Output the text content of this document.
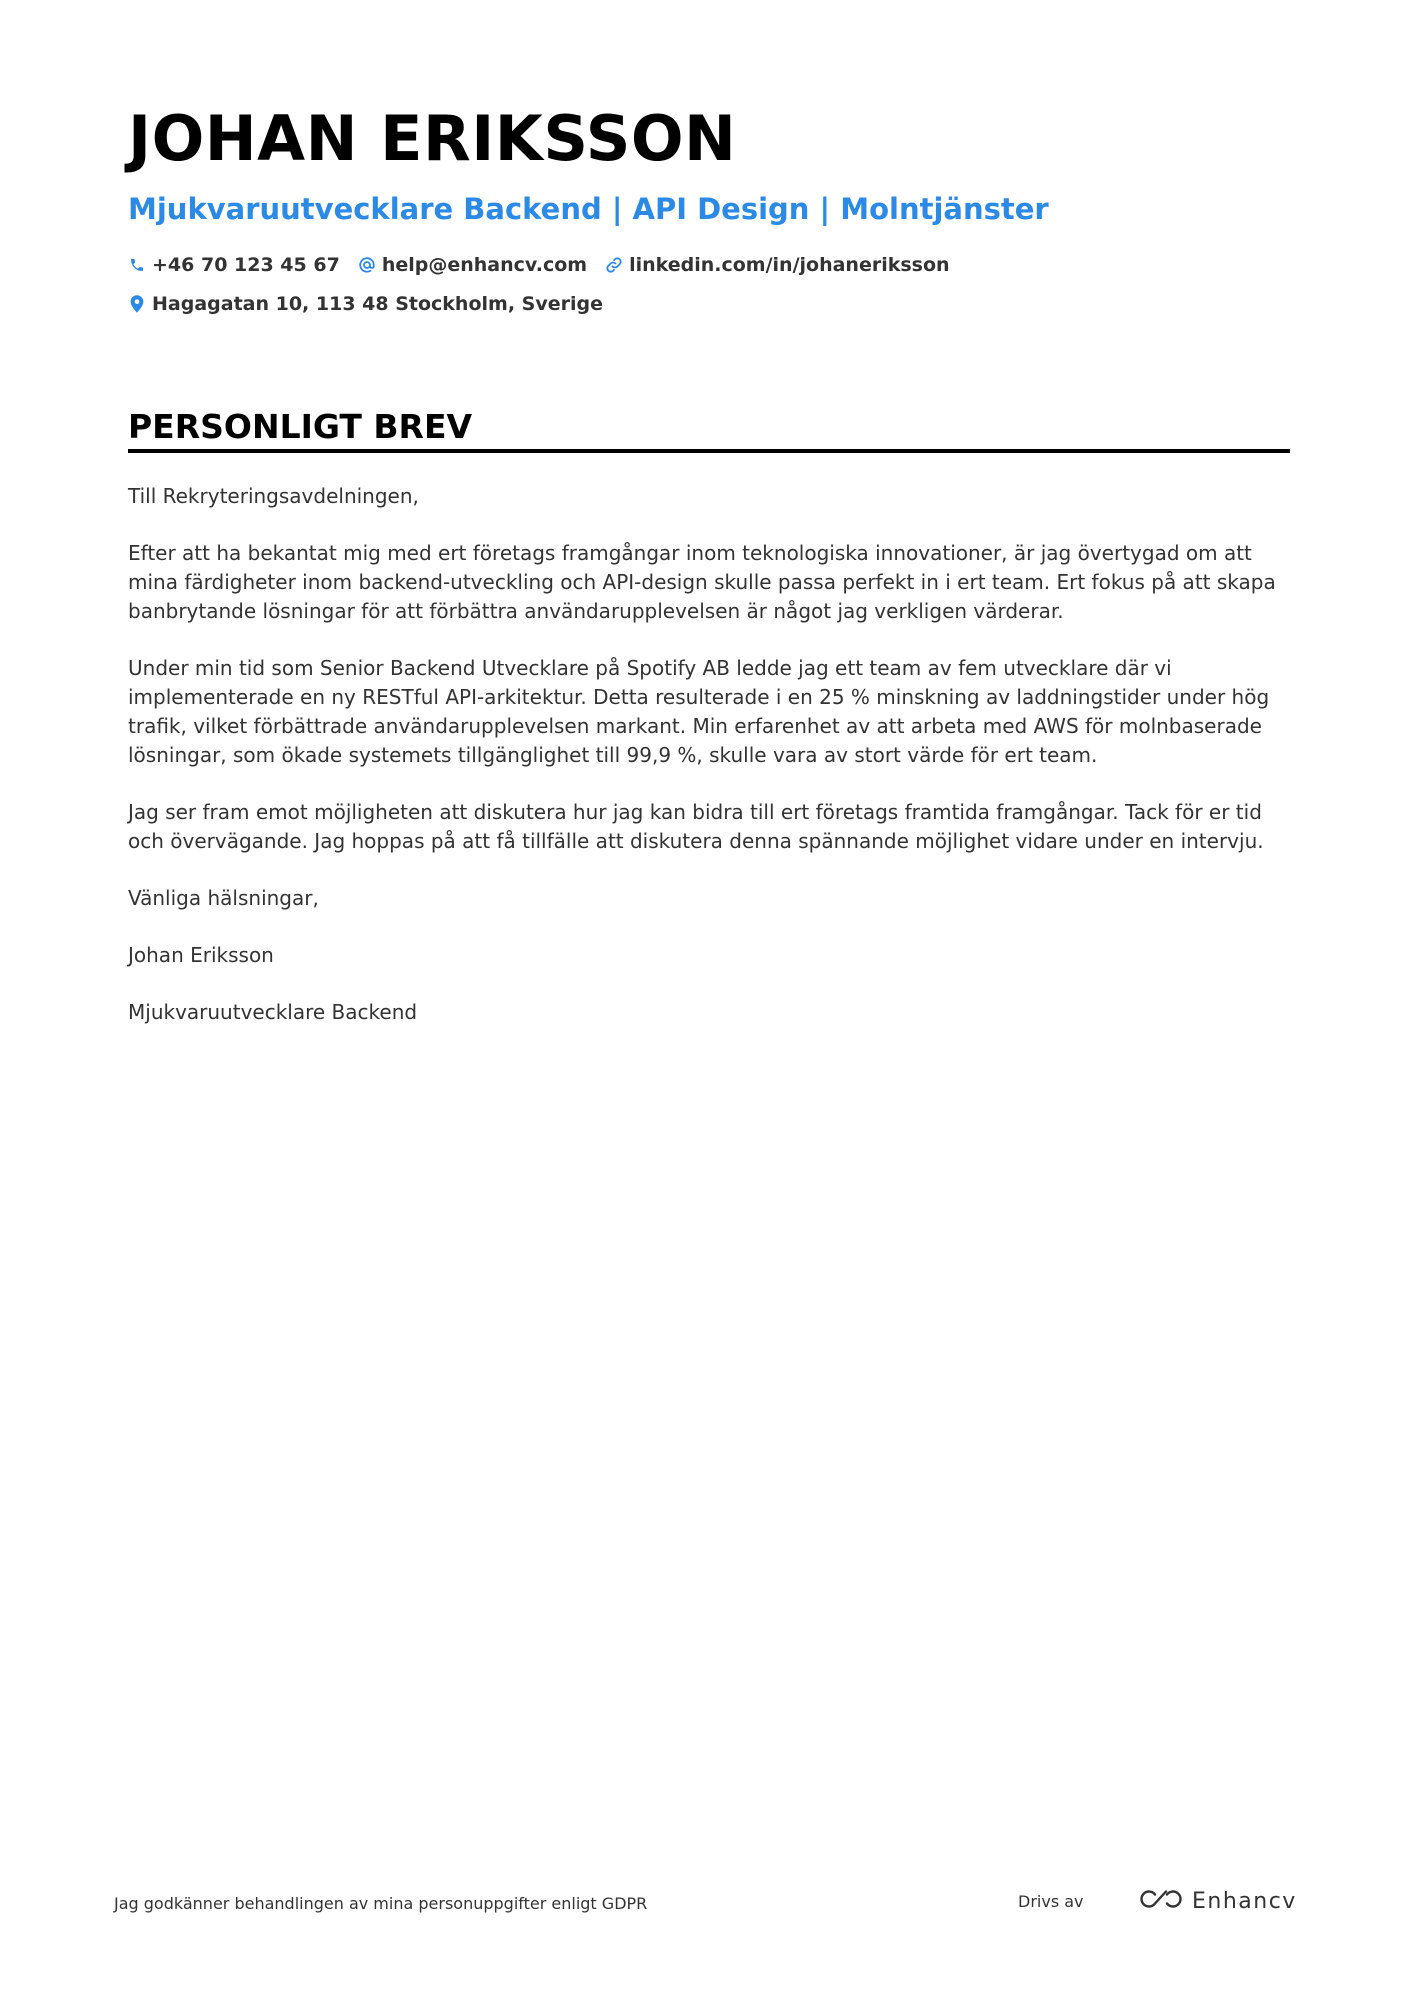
JOHAN ERIKSSON
Mjukvaruutvecklare Backend | API Design | Molntjänster
+46 70 123 45 67 help@enhancv.com linkedin.com/in/johaneriksson
Hagagatan 10, 113 48 Stockholm, Sverige
PERSONLIGT BREV

Till Rekryteringsavdelningen,

Efter att ha bekantat mig med ert företags framgångar inom teknologiska innovationer, är jag övertygad om att mina färdigheter inom backend-utveckling och API-design skulle passa perfekt in i ert team. Ert fokus på att skapa banbrytande lösningar för att förbättra användarupplevelsen är något jag verkligen värderar.

Under min tid som Senior Backend Utvecklare på Spotify AB ledde jag ett team av fem utvecklare där vi implementerade en ny RESTful API-arkitektur. Detta resulterade i en 25 % minskning av laddningstider under hög trafik, vilket förbättrade användarupplevelsen markant. Min erfarenhet av att arbeta med AWS för molnbaserade lösningar, som ökade systemets tillgänglighet till 99,9 %, skulle vara av stort värde för ert team.

Jag ser fram emot möjligheten att diskutera hur jag kan bidra till ert företags framtida framgångar. Tack för er tid och övervägande. Jag hoppas på att få tillfälle att diskutera denna spännande möjlighet vidare under en intervju.

Vänliga hälsningar,

Johan Eriksson

Mjukvaruutvecklare Backend

Jag godkänner behandlingen av mina personuppgifter enligt GDPR	Drivs av	Enhancv
